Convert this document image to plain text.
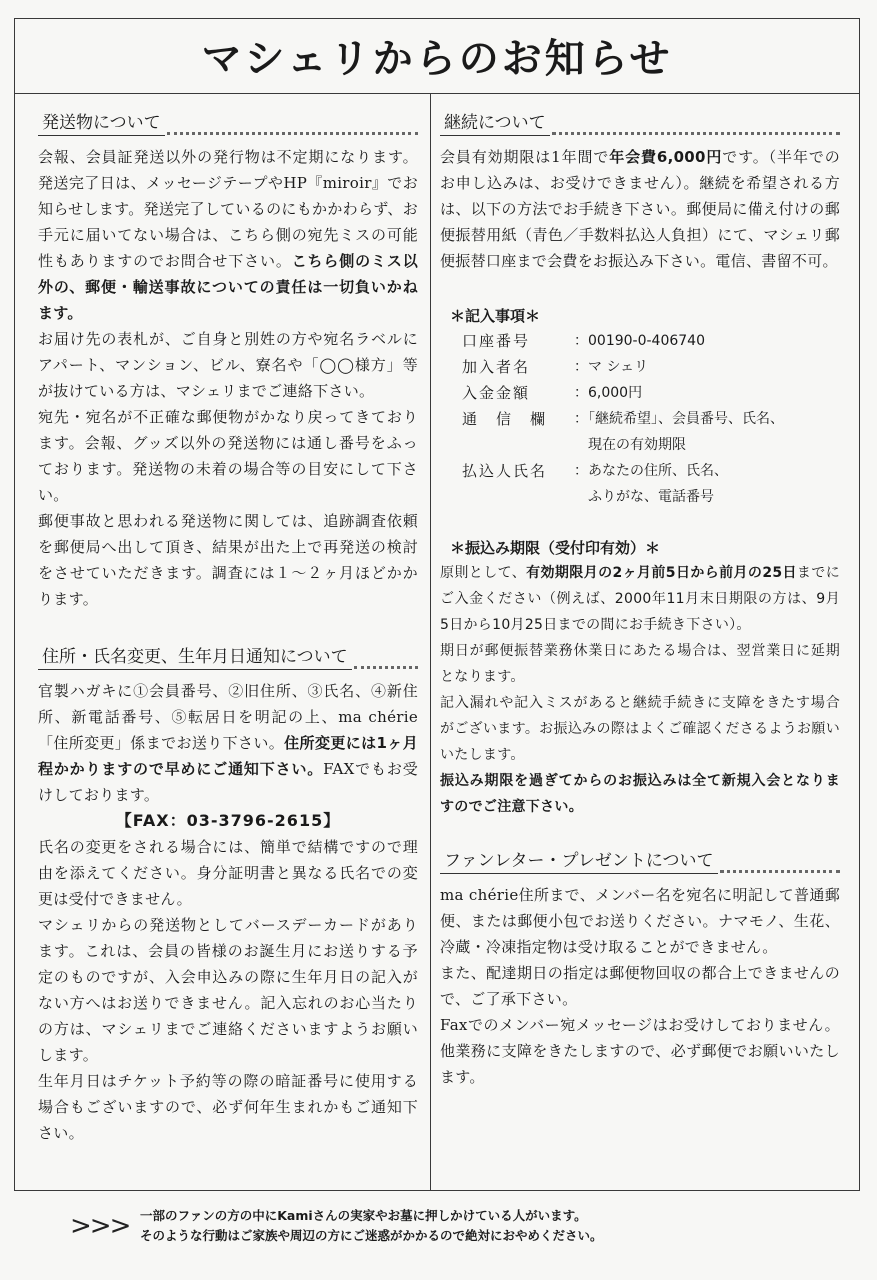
マシェリからのお知らせ
発送物について

会報、会員証発送以外の発行物は不定期になります。発送完了日は、メッセージテープやHP『miroir』でお知らせします。発送完了しているのにもかかわらず、お手元に届いてない場合は、こちら側の宛先ミスの可能性もありますのでお問合せ下さい。こちら側のミス以外の、郵便・輸送事故についての責任は一切負いかねます。

お届け先の表札が、ご自身と別姓の方や宛名ラベルにアパート、マンション、ビル、寮名や「◯◯様方」等が抜けている方は、マシェリまでご連絡下さい。

宛先・宛名が不正確な郵便物がかなり戻ってきております。会報、グッズ以外の発送物には通し番号をふっております。発送物の未着の場合等の目安にして下さい。

郵便事故と思われる発送物に関しては、追跡調査依頼を郵便局へ出して頂き、結果が出た上で再発送の検討をさせていただきます。調査には１～２ヶ月ほどかかります。

住所・氏名変更、生年月日通知について

官製ハガキに①会員番号、②旧住所、③氏名、④新住所、新電話番号、⑤転居日を明記の上、ma chérie「住所変更」係までお送り下さい。住所変更には1ヶ月程かかりますので早めにご通知下さい。FAXでもお受けしております。

【FAX：03-3796-2615】

氏名の変更をされる場合には、簡単で結構ですので理由を添えてください。身分証明書と異なる氏名での変更は受付できません。

マシェリからの発送物としてバースデーカードがあります。これは、会員の皆様のお誕生月にお送りする予定のものですが、入会申込みの際に生年月日の記入がない方へはお送りできません。記入忘れのお心当たりの方は、マシェリまでご連絡くださいますようお願いします。

生年月日はチケット予約等の際の暗証番号に使用する場合もございますので、必ず何年生まれかもご通知下さい。

継続について

会員有効期限は1年間で年会費6,000円です。（半年でのお申し込みは、お受けできません）。継続を希望される方は、以下の方法でお手続き下さい。郵便局に備え付けの郵便振替用紙（青色／手数料払込人負担）にて、マシェリ郵便振替口座まで会費をお振込み下さい。電信、書留不可。

＊記入事項＊
口座番号	：00190-0-406740
加入者名	：マ シェリ
入金金額	：6,000円
通　信　欄	：「継続希望」、会員番号、氏名、
	　現在の有効期限
払込人氏名	：あなたの住所、氏名、
	　ふりがな、電話番号
＊振込み期限（受付印有効）＊

原則として、有効期限月の2ヶ月前5日から前月の25日までにご入金ください（例えば、2000年11月末日期限の方は、9月5日から10月25日までの間にお手続き下さい）。

期日が郵便振替業務休業日にあたる場合は、翌営業日に延期となります。

記入漏れや記入ミスがあると継続手続きに支障をきたす場合がございます。お振込みの際はよくご確認くださるようお願いいたします。

振込み期限を過ぎてからのお振込みは全て新規入会となりますのでご注意下さい。

ファンレター・プレゼントについて

ma chérie住所まで、メンバー名を宛名に明記して普通郵便、または郵便小包でお送りください。ナマモノ、生花、冷蔵・冷凍指定物は受け取ることができません。

また、配達期日の指定は郵便物回収の都合上できませんので、ご了承下さい。

Faxでのメンバー宛メッセージはお受けしておりません。他業務に支障をきたしますので、必ず郵便でお願いいたします。

>>> 一部のファンの方の中にKamiさんの実家やお墓に押しかけている人がいます。
そのような行動はご家族や周辺の方にご迷惑がかかるので絶対におやめください。
